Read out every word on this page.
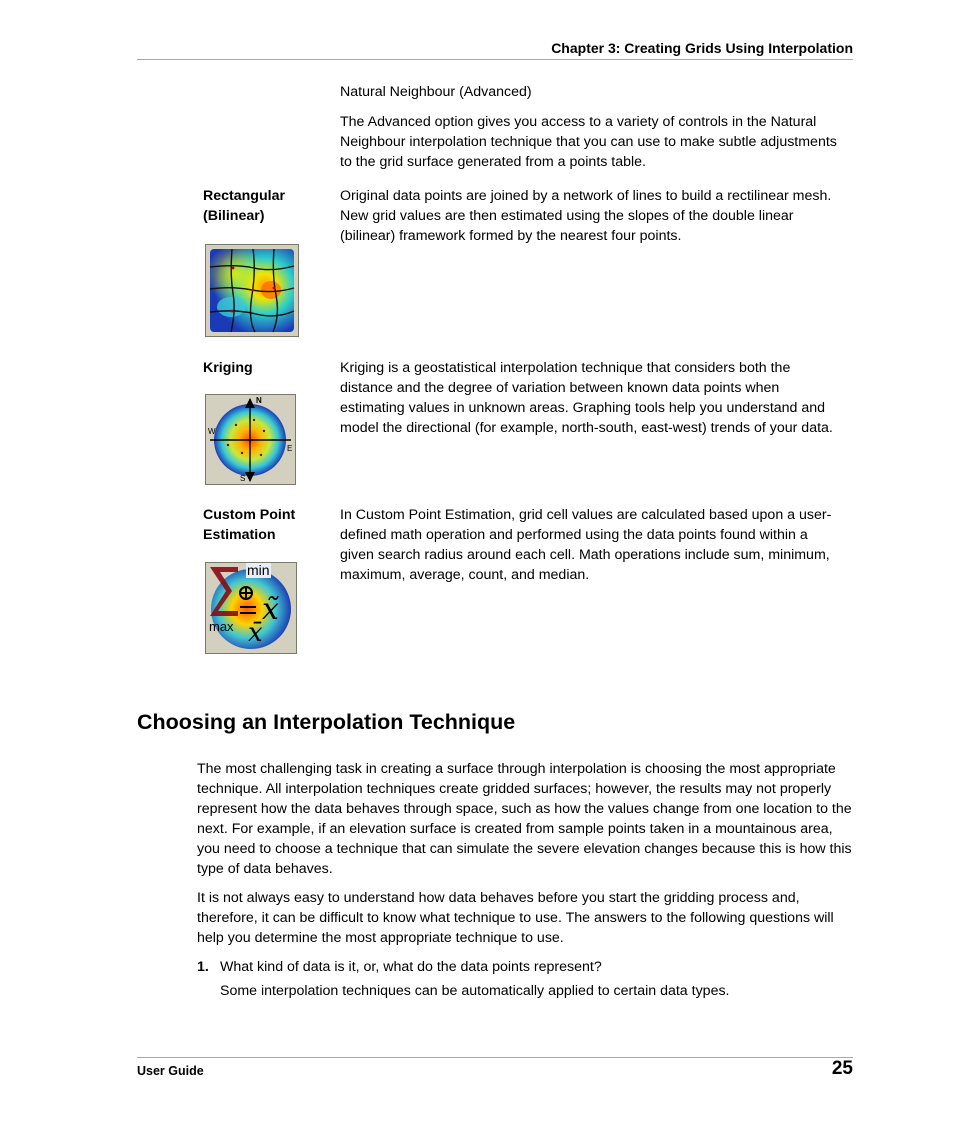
Chapter 3: Creating Grids Using Interpolation
Natural Neighbour (Advanced)
The Advanced option gives you access to a variety of controls in the Natural Neighbour interpolation technique that you can use to make subtle adjustments to the grid surface generated from a points table.
Rectangular
(Bilinear)
Original data points are joined by a network of lines to build a rectilinear mesh. New grid values are then estimated using the slopes of the double linear (bilinear) framework formed by the nearest four points.
Kriging	Kriging is a geostatistical interpolation technique that considers both the distance and the degree of variation between known data points when estimating values in unknown areas. Graphing tools help you understand and model the directional (for example, north-south, east-west) trends of your data.
N
W
E
S
Custom Point
Estimation
In Custom Point Estimation, grid cell values are calculated based upon a user-defined math operation and performed using the data points found within a given search radius around each cell. Math operations include sum, minimum, maximum, average, count, and median.
x̃
x̄
min
max
Choosing an Interpolation Technique
The most challenging task in creating a surface through interpolation is choosing the most appropriate technique. All interpolation techniques create gridded surfaces; however, the results may not properly represent how the data behaves through space, such as how the values change from one location to the next. For example, if an elevation surface is created from sample points taken in a mountainous area, you need to choose a technique that can simulate the severe elevation changes because this is how this type of data behaves.
It is not always easy to understand how data behaves before you start the gridding process and, therefore, it can be difficult to know what technique to use. The answers to the following questions will help you determine the most appropriate technique to use.
1. What kind of data is it, or, what do the data points represent?
Some interpolation techniques can be automatically applied to certain data types.
User Guide	25
